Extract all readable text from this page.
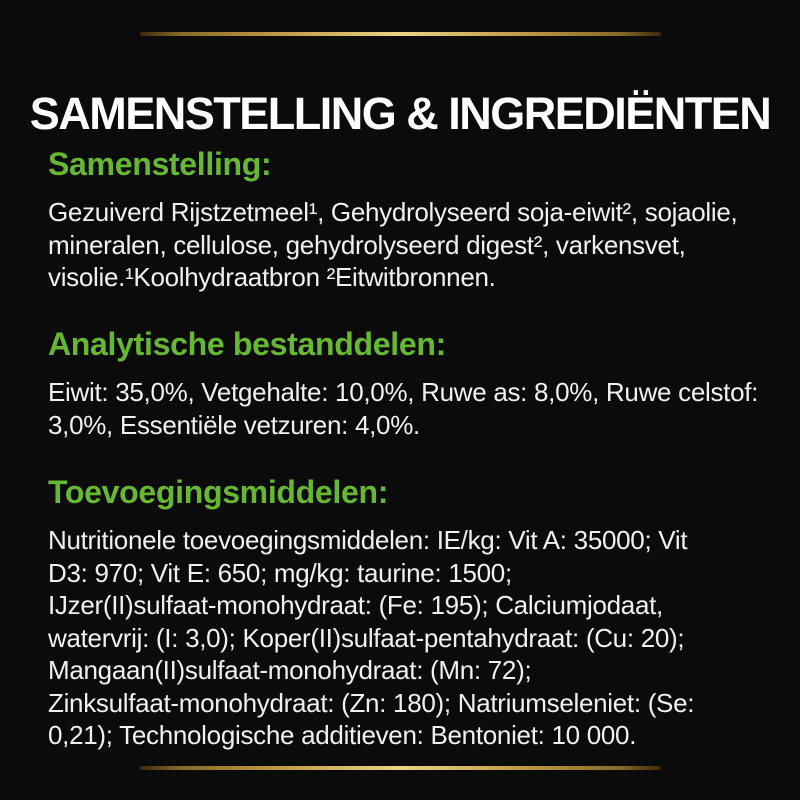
SAMENSTELLING & INGREDIËNTEN
Samenstelling:
Gezuiverd Rijstzetmeel¹, Gehydrolyseerd soja-eiwit², sojaolie,
mineralen, cellulose, gehydrolyseerd digest², varkensvet,
visolie.¹Koolhydraatbron ²Eitwitbronnen.
Analytische bestanddelen:
Eiwit: 35,0%, Vetgehalte: 10,0%, Ruwe as: 8,0%, Ruwe celstof:
3,0%, Essentiële vetzuren: 4,0%.
Toevoegingsmiddelen:
Nutritionele toevoegingsmiddelen: IE/kg: Vit A: 35000; Vit
D3: 970; Vit E: 650; mg/kg: taurine: 1500;
IJzer(II)sulfaat-monohydraat: (Fe: 195); Calciumjodaat,
watervrij: (I: 3,0); Koper(II)sulfaat-pentahydraat: (Cu: 20);
Mangaan(II)sulfaat-monohydraat: (Mn: 72);
Zinksulfaat-monohydraat: (Zn: 180); Natriumseleniet: (Se:
0,21); Technologische additieven: Bentoniet: 10 000.
